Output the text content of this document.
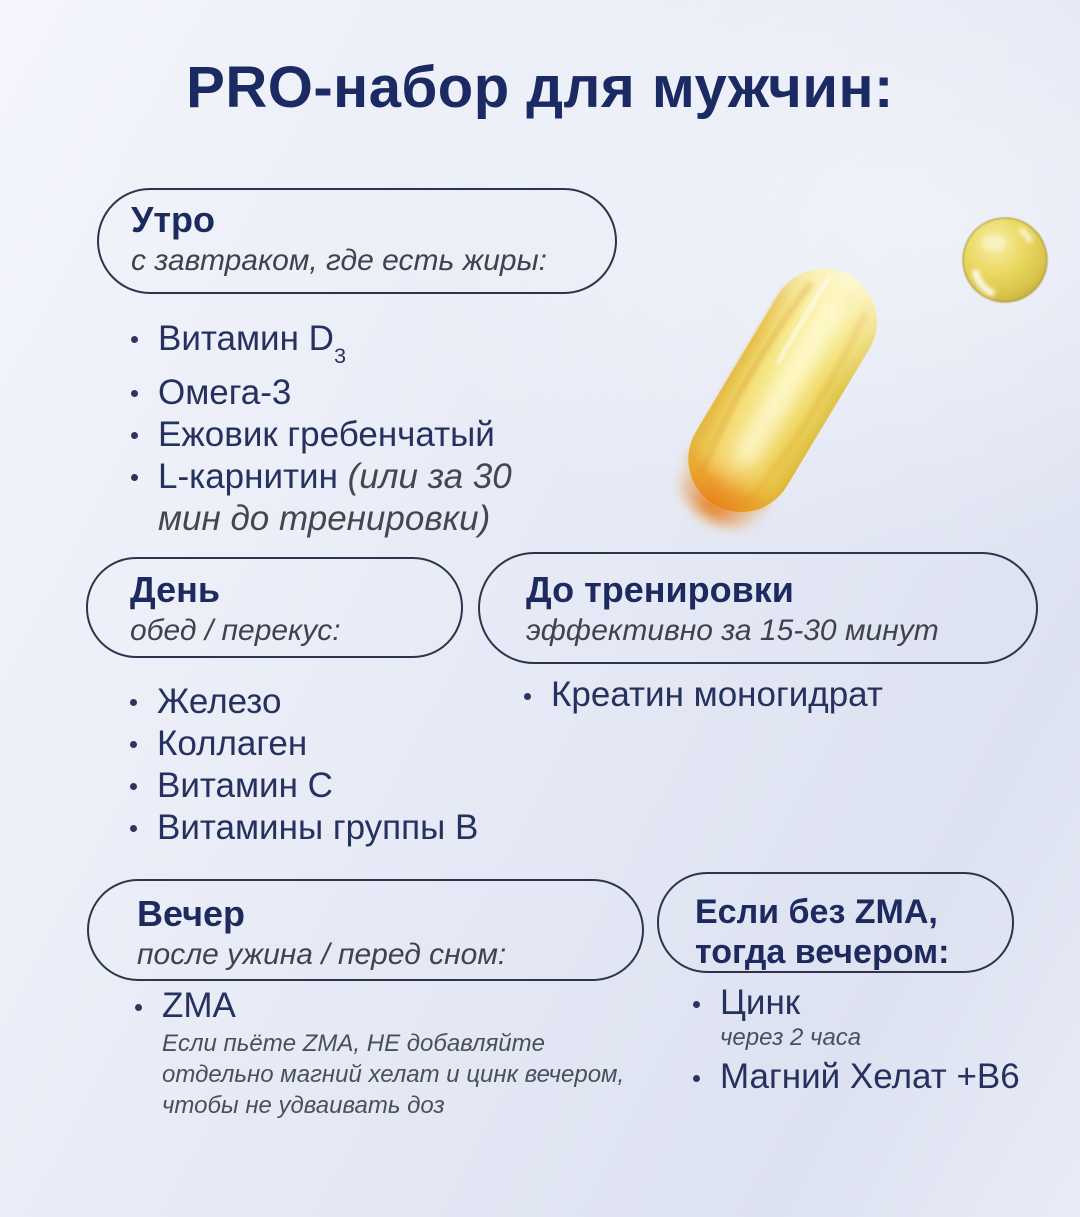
PRO-набор для мужчин:
Утро
с завтраком, где есть жиры:
Витамин $D_3$
Омега-3
Ежовик гребенчатый
L-карнитин (или за 30 мин до тренировки)
День
обед / перекус:
До тренировки
эффективно за 15-30 минут
Креатин моногидрат
Железо
Коллаген
Витамин C
Витамины группы B
Вечер
после ужина / перед сном:
ZMA
Если пьёте ZMA, НЕ добавляйте отдельно магний хелат и цинк вечером, чтобы не удваивать доз
Если без ZMA,
тогда вечером:
Цинк
через 2 часа
Магний Хелат +B6
